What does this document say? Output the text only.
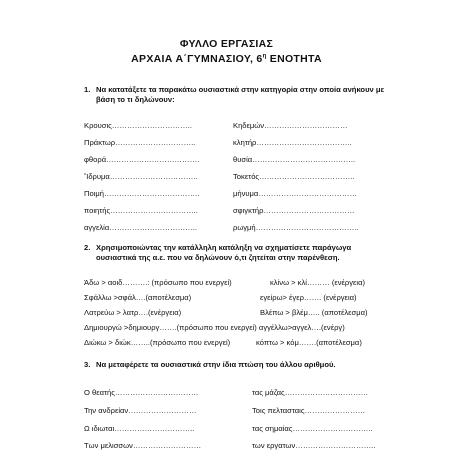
ΦΥΛΛΟ ΕΡΓΑΣΙΑΣ
ΑΡΧΑΙΑ Α΄ΓΥΜΝΑΣΙΟΥ, $6^\eta$ ΕΝΟΤΗΤΑ
1. Να κατατάξετε τα παρακάτω ουσιαστικά στην κατηγορία στην οποία ανήκουν με βάση το τι δηλώνουν:
Κρουσις…………………………..	Κηδεμών……………………………
Πράκτωρ…………………………..	κλητήρ………………………………..
φθορά……………………………….	θυσία…………………………………..
Ἴδρυμα……………………………..	Τοκετός………………………………..
Ποιμή………………………………..	μήνυμα…………………………………
ποιητής……………………………..	σφιγκτήρ………………………………
αγγελία……………………………..	ρωγμή…………………………………..
2. Χρησιμοποιώντας την κατάλληλη κατάληξη να σχηματίσετε παράγωγα ουσιαστικά της α.ε. που να δηλώνουν ό,τι ζητείται στην παρένθεση.
Άδω > αοιδ……….: (πρόσωπο που ενεργεί)	κλίνω > κλί……… (ενέργεια)
Σφάλλω >σφάλ….(αποτέλεσμα)	εγείρω> έγερ……. (ενέργεια)
Λατρεύω > λατρ….(ενέργεια)	Βλέπω > βλέμ….. (αποτέλεσμα)
Δημιουργώ >δημιουργ…….(πρόσωπο που ενεργεί) αγγέλλω>αγγελ….(ενέργ)
Διώκω > διώκ……..(πρόσωπο που ενεργεί)	κόπτω > κόμ…….(αποτέλεσμα)
3. Να μεταφέρετε τα ουσιαστικά στην ίδια πτώση του άλλου αριθμού.
Ο θεατής……………………………	τας μάζας……………………………
Την ανδρείαν………………………	Τοις πελτασταις……………………
Ω ιδιωται…………………………..	τας σημαίας…………………………..
Των μελισσων………………………	των εργατων…………………………..
